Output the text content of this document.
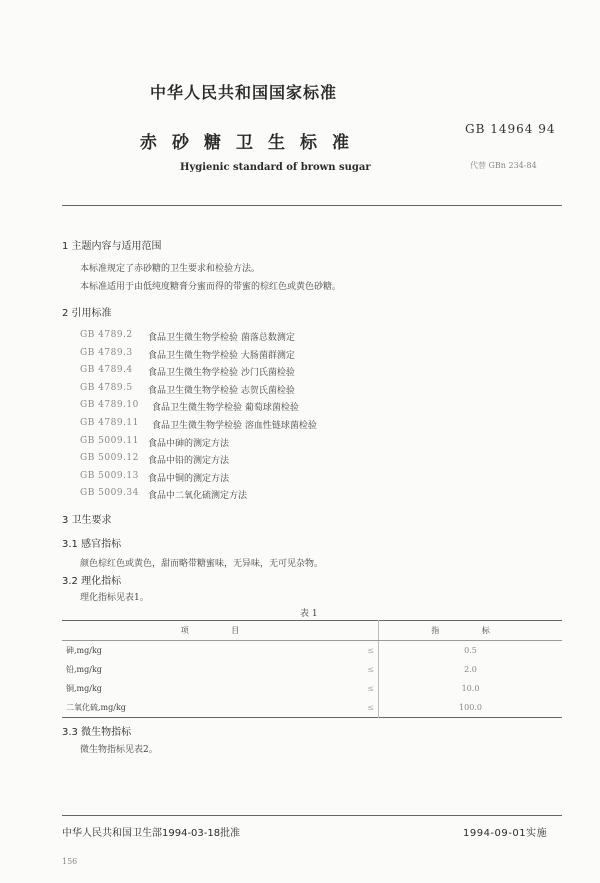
中华人民共和国国家标准
赤砂糖卫生标准
GB 14964 94
Hygienic standard of brown sugar	代替 GBn 234-84
1 主题内容与适用范围
本标准规定了赤砂糖的卫生要求和检验方法。
本标准适用于由低纯度糖膏分蜜而得的带蜜的棕红色或黄色砂糖。
2 引用标准
GB 4789.2 食品卫生微生物学检验 菌落总数测定
GB 4789.3 食品卫生微生物学检验 大肠菌群测定
GB 4789.4 食品卫生微生物学检验 沙门氏菌检验
GB 4789.5 食品卫生微生物学检验 志贺氏菌检验
GB 4789.10 食品卫生微生物学检验 葡萄球菌检验
GB 4789.11 食品卫生微生物学检验 溶血性链球菌检验
GB 5009.11 食品中砷的测定方法
GB 5009.12 食品中铅的测定方法
GB 5009.13 食品中铜的测定方法
GB 5009.34 食品中二氧化硫测定方法
3 卫生要求
3.1 感官指标
颜色棕红色或黄色，甜而略带糖蜜味，无异味，无可见杂物。
3.2 理化指标
理化指标见表1。
表 1
项 目		指 标
砷,mg/kg	≤	0.5
铅,mg/kg	≤	2.0
铜,mg/kg	≤	10.0
二氧化硫,mg/kg	≤	100.0
3.3 微生物指标
微生物指标见表2。
中华人民共和国卫生部1994-03-18批准	1994-09-01实施
156
